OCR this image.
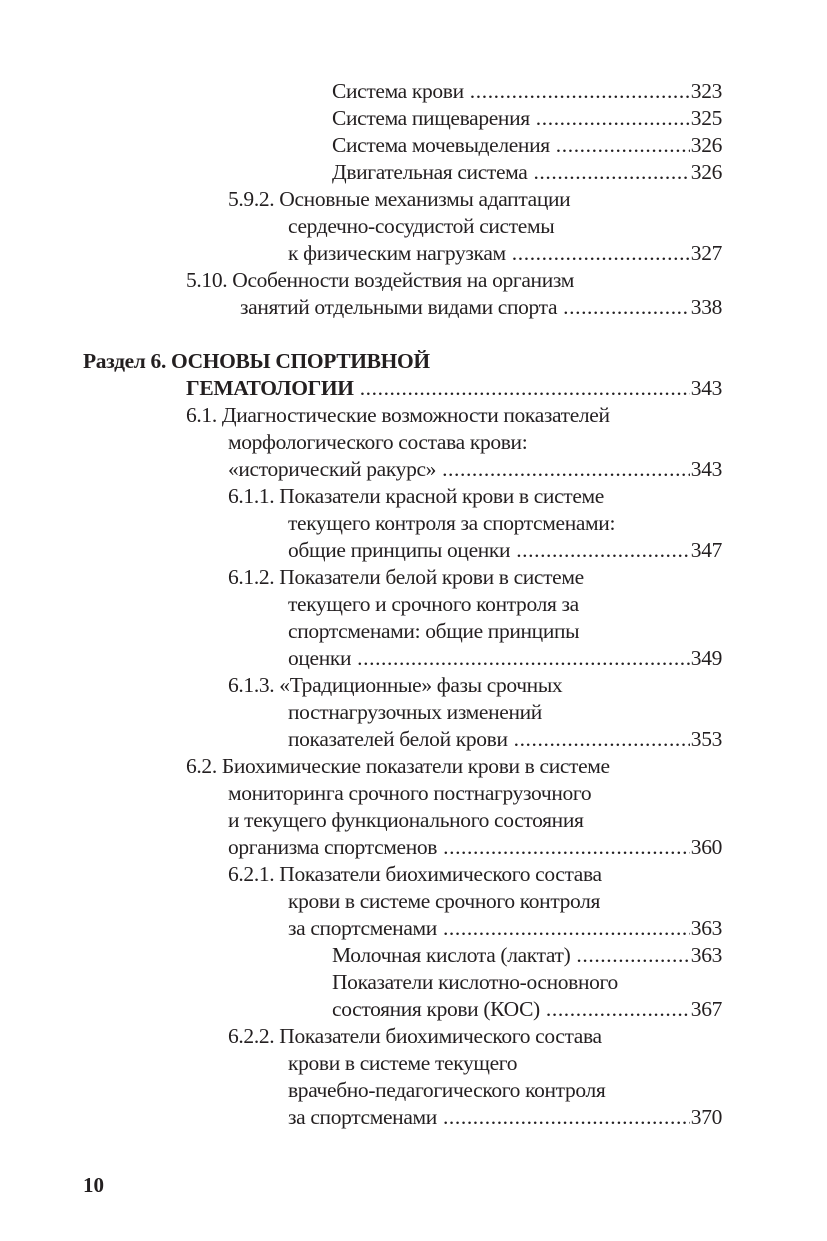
Система крови .....	323
Система пищеварения .....	325
Система мочевыделения .....	326
Двигательная система .....	326
5.9.2. Основные механизмы адаптации
сердечно-сосудистой системы
к физическим нагрузкам .....	327
5.10. Особенности воздействия на организм
занятий отдельными видами спорта .....	338
Раздел 6. ОСНОВЫ СПОРТИВНОЙ
ГЕМАТОЛОГИИ .....	343
6.1. Диагностические возможности показателей
морфологического состава крови:
«исторический ракурс» .....	343
6.1.1. Показатели красной крови в системе
текущего контроля за спортсменами:
общие принципы оценки .....	347
6.1.2. Показатели белой крови в системе
текущего и срочного контроля за
спортсменами: общие принципы
оценки .....	349
6.1.3. «Традиционные» фазы срочных
постнагрузочных изменений
показателей белой крови .....	353
6.2. Биохимические показатели крови в системе
мониторинга срочного постнагрузочного
и текущего функционального состояния
организма спортсменов .....	360
6.2.1. Показатели биохимического состава
крови в системе срочного контроля
за спортсменами .....	363
Молочная кислота (лактат) .....	363
Показатели кислотно-основного
состояния крови (КОС) .....	367
6.2.2. Показатели биохимического состава
крови в системе текущего
врачебно-педагогического контроля
за спортсменами .....	370
10
